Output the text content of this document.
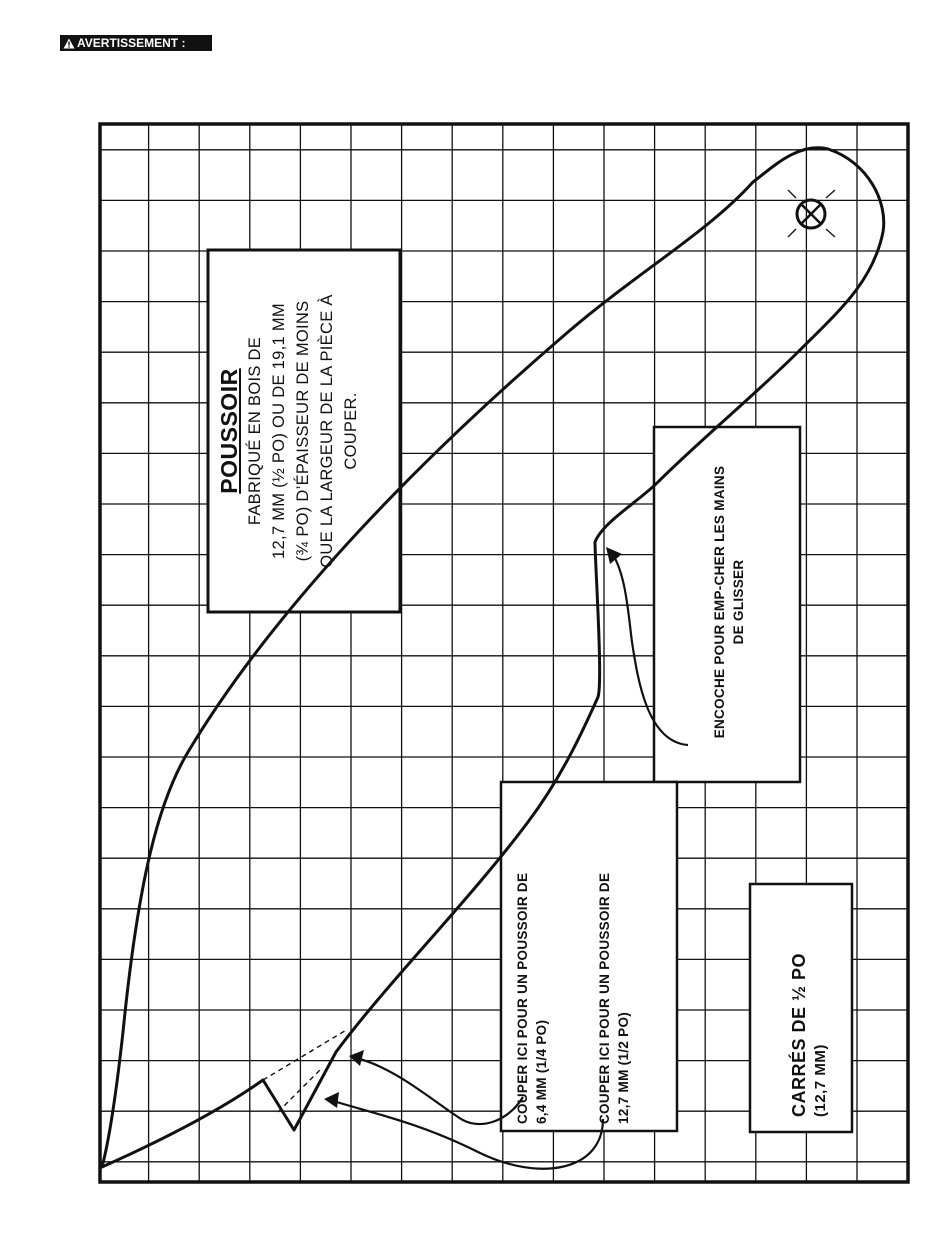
AVERTISSEMENT :
POUSSOIR FABRIQUÉ EN BOIS DE 12,7 MM (½ PO) OU DE 19,1 MM (¾ PO) D’ÉPAISSEUR DE MOINS QUE LA LARGEUR DE LA PIÈCE À COUPER.
ENCOCHE POUR EMP-CHER LES MAINS DE GLISSER
COUPER ICI POUR UN POUSSOIR DE 6,4 MM (1/4 PO)	COUPER ICI POUR UN POUSSOIR DE 12,7 MM (1/2 PO)	CARRÉS DE ½ PO (12,7 MM)
